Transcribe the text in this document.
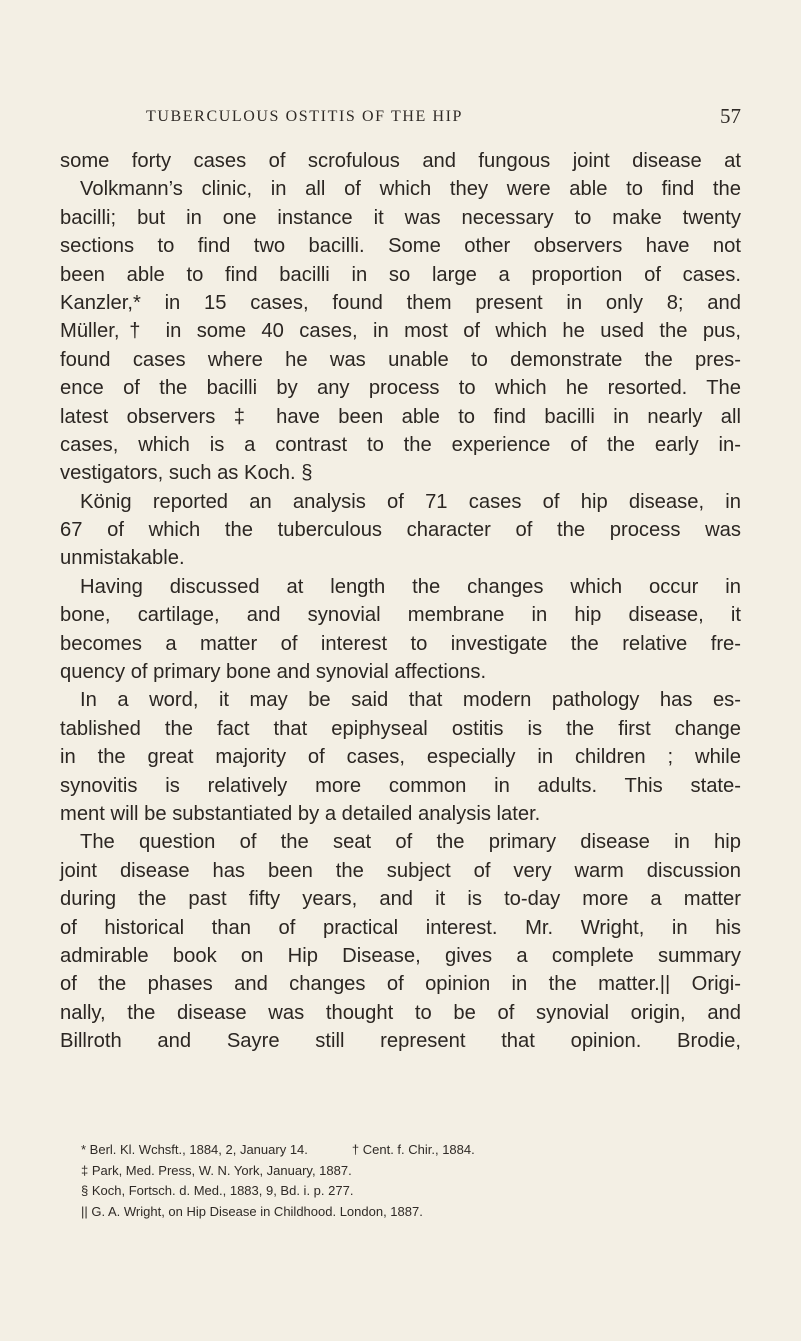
TUBERCULOUS OSTITIS OF THE HIP	57
some forty cases of scrofulous and fungous joint disease at
Volkmann’s clinic, in all of which they were able to find the
bacilli; but in one instance it was necessary to make twenty
sections to find two bacilli. Some other observers have not
been able to find bacilli in so large a proportion of cases.
Kanzler,* in 15 cases, found them present in only 8; and
Müller,† in some 40 cases, in most of which he used the pus,
found cases where he was unable to demonstrate the pres-
ence of the bacilli by any process to which he resorted. The
latest observers ‡ have been able to find bacilli in nearly all
cases, which is a contrast to the experience of the early in-
vestigators, such as Koch. §
König reported an analysis of 71 cases of hip disease, in
67 of which the tuberculous character of the process was
unmistakable.
Having discussed at length the changes which occur in
bone, cartilage, and synovial membrane in hip disease, it
becomes a matter of interest to investigate the relative fre-
quency of primary bone and synovial affections.
In a word, it may be said that modern pathology has es-
tablished the fact that epiphyseal ostitis is the first change
in the great majority of cases, especially in children ; while
synovitis is relatively more common in adults. This state-
ment will be substantiated by a detailed analysis later.
The question of the seat of the primary disease in hip
joint disease has been the subject of very warm discussion
during the past fifty years, and it is to-day more a matter
of historical than of practical interest. Mr. Wright, in his
admirable book on Hip Disease, gives a complete summary
of the phases and changes of opinion in the matter.|| Origi-
nally, the disease was thought to be of synovial origin, and
Billroth and Sayre still represent that opinion. Brodie,
* Berl. Kl. Wchsft., 1884, 2, January 14.	† Cent. f. Chir., 1884.
‡ Park, Med. Press, W. N. York, January, 1887.
§ Koch, Fortsch. d. Med., 1883, 9, Bd. i. p. 277.
|| G. A. Wright, on Hip Disease in Childhood. London, 1887.
